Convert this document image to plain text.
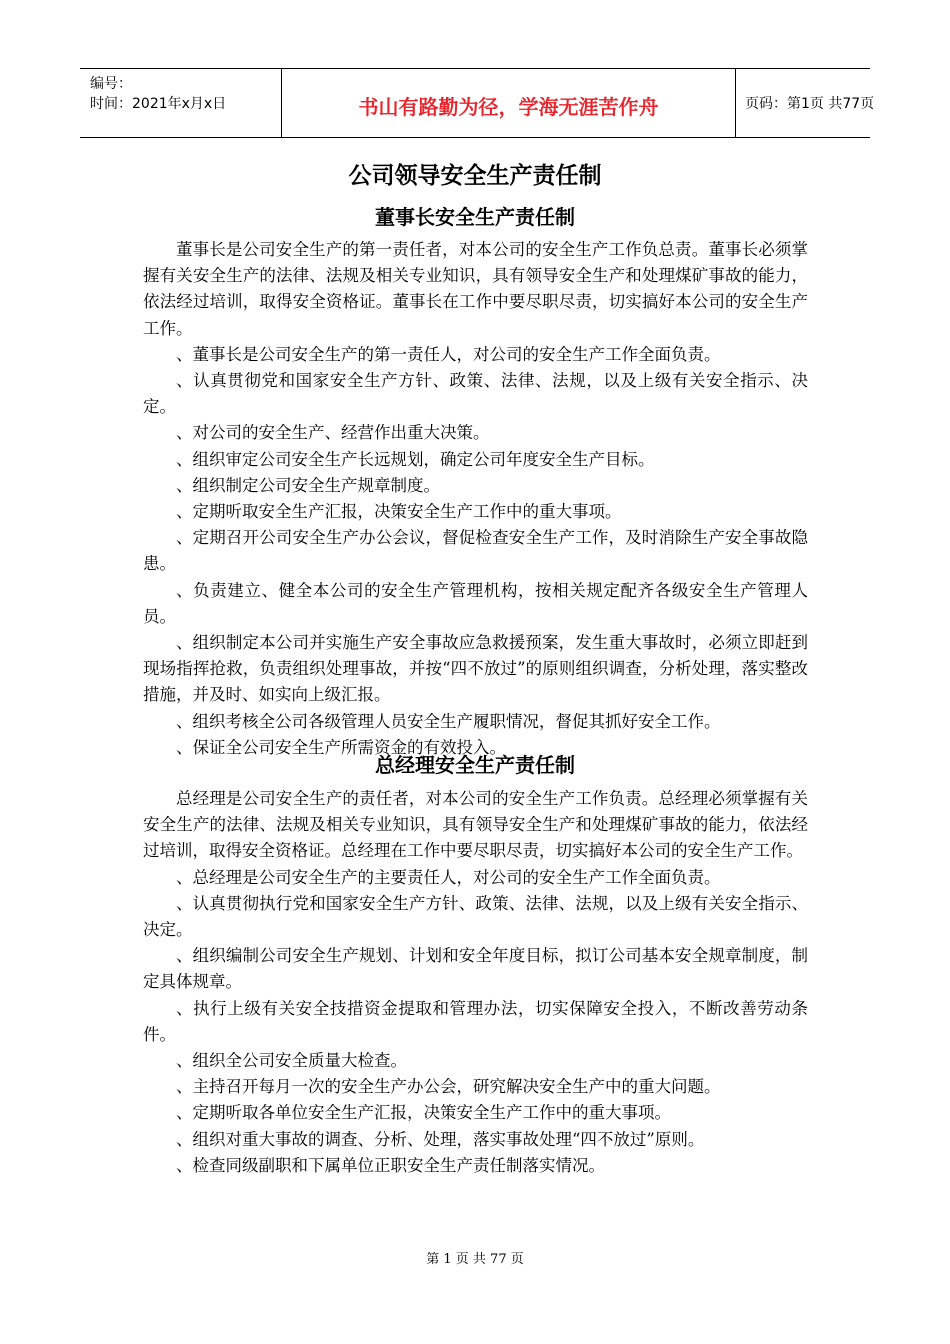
编号：
时间：2021年x月x日	书山有路勤为径，学海无涯苦作舟	页码：第1页 共77页
公司领导安全生产责任制
董事长安全生产责任制

董事长是公司安全生产的第一责任者，对本公司的安全生产工作负总责。董事长必须掌握有关安全生产的法律、法规及相关专业知识，具有领导安全生产和处理煤矿事故的能力，依法经过培训，取得安全资格证。董事长在工作中要尽职尽责，切实搞好本公司的安全生产工作。

、董事长是公司安全生产的第一责任人，对公司的安全生产工作全面负责。

、认真贯彻党和国家安全生产方针、政策、法律、法规，以及上级有关安全指示、决定。

、对公司的安全生产、经营作出重大决策。

、组织审定公司安全生产长远规划，确定公司年度安全生产目标。

、组织制定公司安全生产规章制度。

、定期听取安全生产汇报，决策安全生产工作中的重大事项。

、定期召开公司安全生产办公会议，督促检查安全生产工作，及时消除生产安全事故隐患。

、负责建立、健全本公司的安全生产管理机构，按相关规定配齐各级安全生产管理人员。

、组织制定本公司并实施生产安全事故应急救援预案，发生重大事故时，必须立即赶到现场指挥抢救，负责组织处理事故，并按“四不放过”的原则组织调查，分析处理，落实整改措施，并及时、如实向上级汇报。

、组织考核全公司各级管理人员安全生产履职情况，督促其抓好安全工作。

、保证全公司安全生产所需资金的有效投入。

总经理安全生产责任制

总经理是公司安全生产的责任者，对本公司的安全生产工作负责。总经理必须掌握有关安全生产的法律、法规及相关专业知识，具有领导安全生产和处理煤矿事故的能力，依法经过培训，取得安全资格证。总经理在工作中要尽职尽责，切实搞好本公司的安全生产工作。

、总经理是公司安全生产的主要责任人，对公司的安全生产工作全面负责。

、认真贯彻执行党和国家安全生产方针、政策、法律、法规，以及上级有关安全指示、决定。

、组织编制公司安全生产规划、计划和安全年度目标，拟订公司基本安全规章制度，制定具体规章。

、执行上级有关安全技措资金提取和管理办法，切实保障安全投入，不断改善劳动条件。

、组织全公司安全质量大检查。

、主持召开每月一次的安全生产办公会，研究解决安全生产中的重大问题。

、定期听取各单位安全生产汇报，决策安全生产工作中的重大事项。

、组织对重大事故的调查、分析、处理，落实事故处理“四不放过”原则。

、检查同级副职和下属单位正职安全生产责任制落实情况。

第 1 页 共 77 页
